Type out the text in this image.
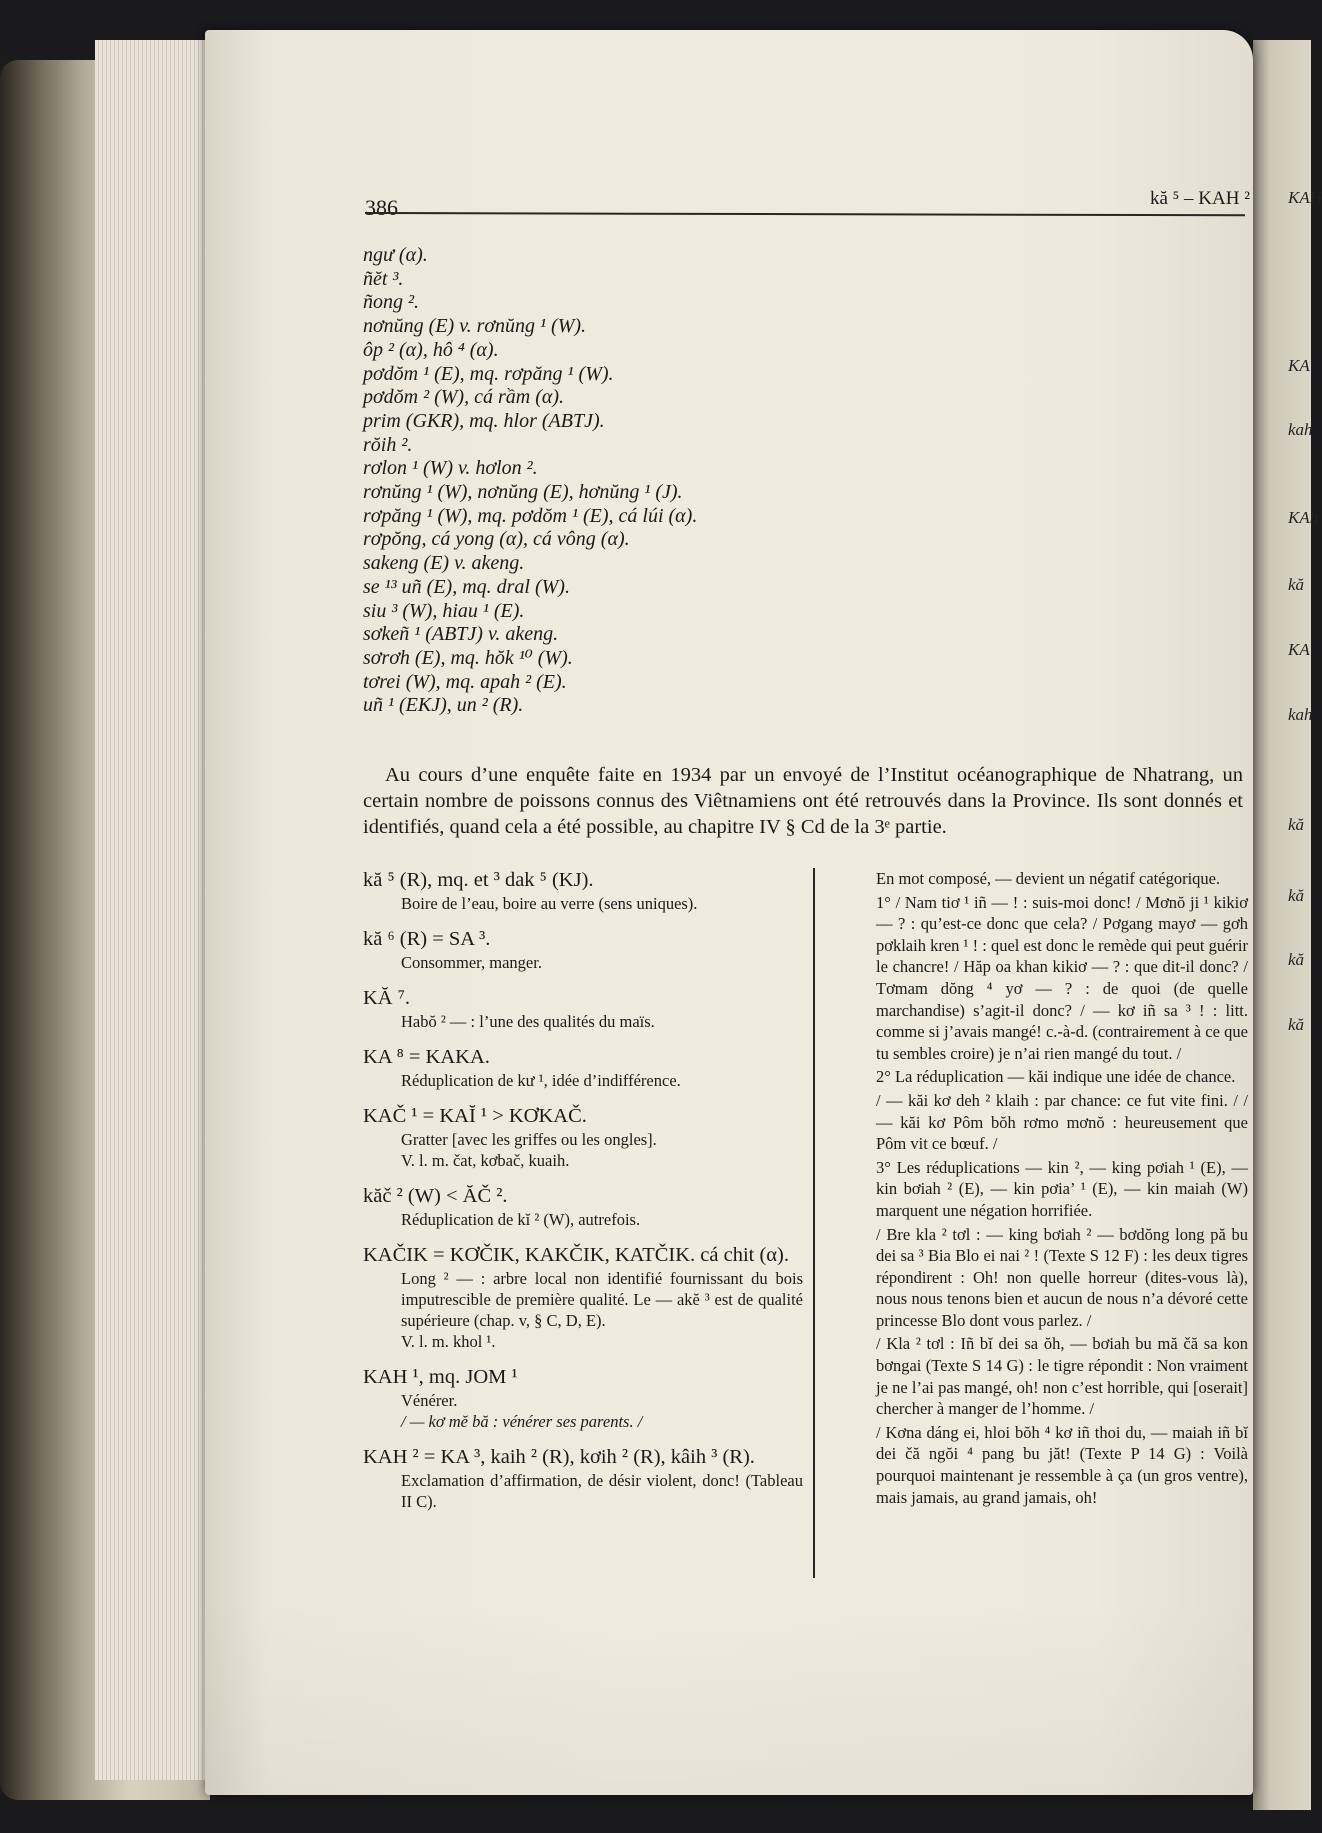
KAH
KA
kah
KAh
kă
KA
kah
kă
kă
kă
kă
386	kă ⁵ – KAH ²
ngư (α).
ñĕt ³.
ñong ².
nơnŭng (E) v. rơnŭng ¹ (W).
ôp ² (α), hô ⁴ (α).
pơdŏm ¹ (E), mq. rơpăng ¹ (W).
pơdŏm ² (W), cá rầm (α).
prim (GKR), mq. hlor (ABTJ).
rŏih ².
rơlon ¹ (W) v. hơlon ².
rơnŭng ¹ (W), nơnŭng (E), hơnŭng ¹ (J).
rơpăng ¹ (W), mq. pơdŏm ¹ (E), cá lúi (α).
rơpŏng, cá yong (α), cá vông (α).
sakeng (E) v. akeng.
se ¹³ uñ (E), mq. dral (W).
siu ³ (W), hiau ¹ (E).
sơkeñ ¹ (ABTJ) v. akeng.
sơrơh (E), mq. hŏk ¹⁰ (W).
tơrei (W), mq. apah ² (E).
uñ ¹ (EKJ), un ² (R).
Au cours d’une enquête faite en 1934 par un envoyé de l’Institut océanographique de Nhatrang, un certain nombre de poissons connus des Viêtnamiens ont été retrouvés dans la Province. Ils sont donnés et identifiés, quand cela a été possible, au chapitre IV § Cd de la 3ᵉ partie.
kă ⁵ (R), mq. et ³ dak ⁵ (KJ).
Boire de l’eau, boire au verre (sens uniques).
kă ⁶ (R) = SA ³.
Consommer, manger.
KĂ ⁷.
Habŏ ² — : l’une des qualités du maïs.
KA ⁸ = KAKA.
Réduplication de kư ¹, idée d’indifférence.
KAČ ¹ = KAĬ ¹ > KƠKAČ.
Gratter [avec les griffes ou les ongles].
V. l. m. čat, kơbač, kuaih.
kăč ² (W) < ĂČ ².
Réduplication de kĭ ² (W), autrefois.
KAČIK = KƠČIK, KAKČIK, KATČIK. cá chit (α).
Long ² — : arbre local non identifié fournissant du bois imputrescible de première qualité. Le — akĕ ³ est de qualité supérieure (chap. v, § C, D, E).
V. l. m. khol ¹.
KAH ¹, mq. JOM ¹
Vénérer.
/ — kơ mĕ bă : vénérer ses parents. /
KAH ² = KA ³, kaih ² (R), kơih ² (R), kâih ³ (R).
Exclamation d’affirmation, de désir violent, donc! (Tableau II C).

En mot composé, — devient un négatif catégorique.

1° / Nam tiơ ¹ iñ — ! : suis-moi donc! / Mơnŏ ji ¹ kikiơ — ? : qu’est-ce donc que cela? / Pơgang mayơ — gơh pơklaih kren ¹ ! : quel est donc le remède qui peut guérir le chancre! / Hăp oa khan kikiơ — ? : que dit-il donc? / Tơmam dŏng ⁴ yơ — ? : de quoi (de quelle marchandise) s’agit-il donc? / — kơ iñ sa ³ ! : litt. comme si j’avais mangé! c.-à-d. (contrairement à ce que tu sembles croire) je n’ai rien mangé du tout. /

2° La réduplication — kăi indique une idée de chance.

/ — kăi kơ deh ² klaih : par chance: ce fut vite fini. / / — kăi kơ Pôm bŏh rơmo mơnŏ : heureusement que Pôm vit ce bœuf. /

3° Les réduplications — kin ², — king pơiah ¹ (E), — kin bơiah ² (E), — kin pơia’ ¹ (E), — kin maiah (W) marquent une négation horrifiée.

/ Bre kla ² tơl : — king bơiah ² — bơdŏng long pă bu dei sa ³ Bia Blo ei nai ² ! (Texte S 12 F) : les deux tigres répondirent : Oh! non quelle horreur (dites-vous là), nous nous tenons bien et aucun de nous n’a dévoré cette princesse Blo dont vous parlez. /

/ Kla ² tơl : Iñ bĭ dei sa ŏh, — bơiah bu mă čă sa kon bơngai (Texte S 14 G) : le tigre répondit : Non vraiment je ne l’ai pas mangé, oh! non c’est horrible, qui [oserait] chercher à manger de l’homme. /

/ Kơna dáng ei, hloi bŏh ⁴ kơ iñ thoi du, — maiah iñ bĭ dei čă ngŏi ⁴ pang bu jăt! (Texte P 14 G) : Voilà pourquoi maintenant je ressemble à ça (un gros ventre), mais jamais, au grand jamais, oh!
